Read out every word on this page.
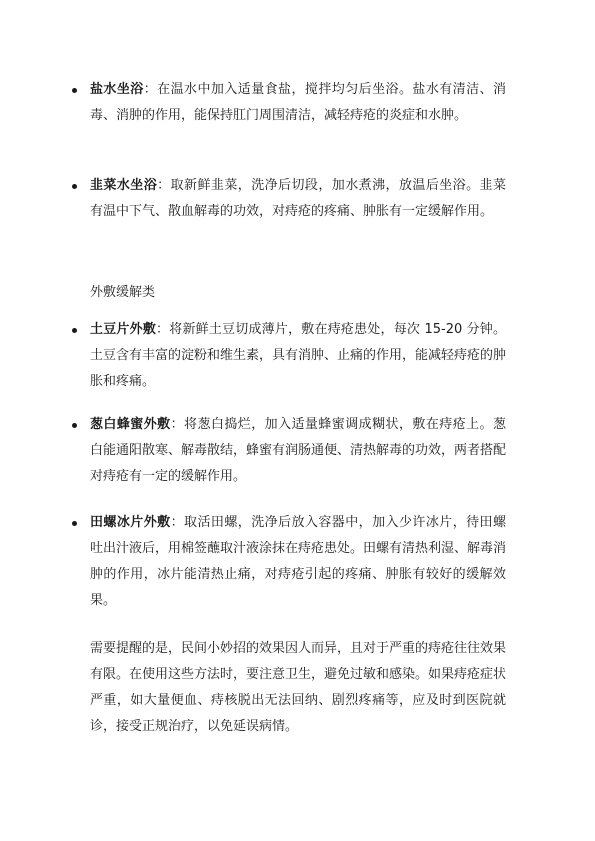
盐水坐浴：在温水中加入适量食盐，搅拌均匀后坐浴。盐水有清洁、消毒、消肿的作用，能保持肛门周围清洁，减轻痔疮的炎症和水肿。
韭菜水坐浴：取新鲜韭菜，洗净后切段，加水煮沸，放温后坐浴。韭菜有温中下气、散血解毒的功效，对痔疮的疼痛、肿胀有一定缓解作用。
外敷缓解类
土豆片外敷：将新鲜土豆切成薄片，敷在痔疮患处，每次 15-20 分钟。土豆含有丰富的淀粉和维生素，具有消肿、止痛的作用，能减轻痔疮的肿胀和疼痛。
葱白蜂蜜外敷：将葱白捣烂，加入适量蜂蜜调成糊状，敷在痔疮上。葱白能通阳散寒、解毒散结，蜂蜜有润肠通便、清热解毒的功效，两者搭配对痔疮有一定的缓解作用。
田螺冰片外敷：取活田螺，洗净后放入容器中，加入少许冰片，待田螺吐出汁液后，用棉签蘸取汁液涂抹在痔疮患处。田螺有清热利湿、解毒消肿的作用，冰片能清热止痛，对痔疮引起的疼痛、肿胀有较好的缓解效果。
需要提醒的是，民间小妙招的效果因人而异，且对于严重的痔疮往往效果有限。在使用这些方法时，要注意卫生，避免过敏和感染。如果痔疮症状严重，如大量便血、痔核脱出无法回纳、剧烈疼痛等，应及时到医院就诊，接受正规治疗，以免延误病情。
